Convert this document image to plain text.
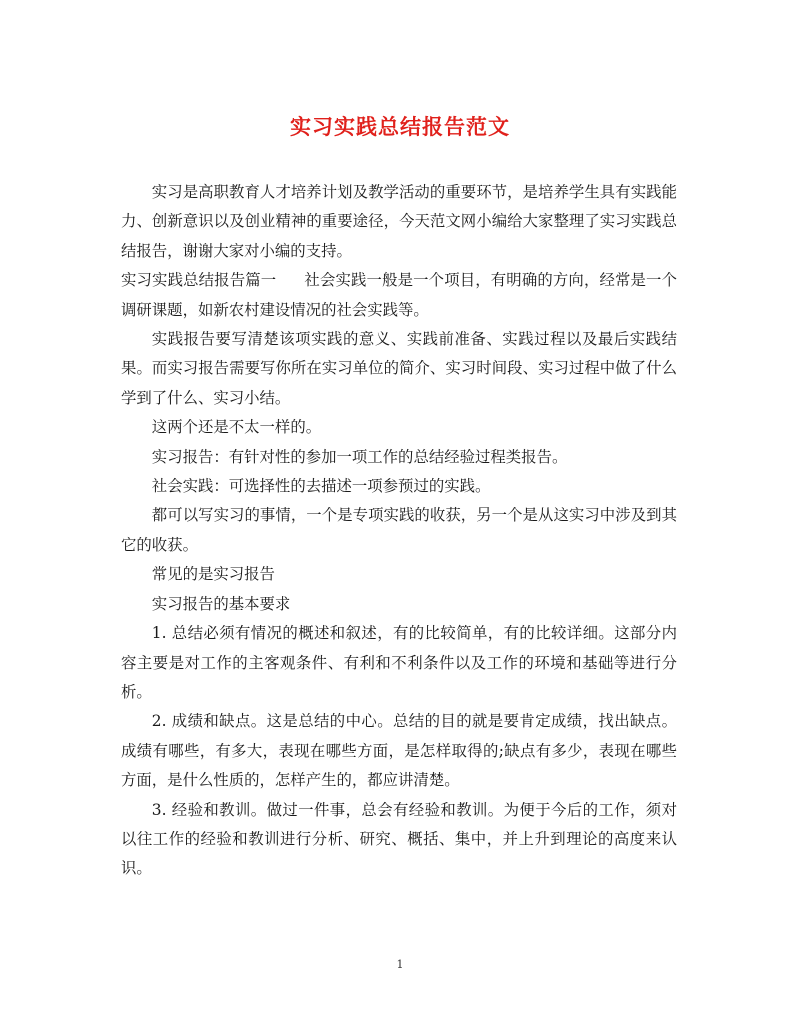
实习实践总结报告范文

实习是高职教育人才培养计划及教学活动的重要环节，是培养学生具有实践能力、创新意识以及创业精神的重要途径，今天范文网小编给大家整理了实习实践总结报告，谢谢大家对小编的支持。

实习实践总结报告篇一 社会实践一般是一个项目，有明确的方向，经常是一个调研课题，如新农村建设情况的社会实践等。

实践报告要写清楚该项实践的意义、实践前准备、实践过程以及最后实践结果。而实习报告需要写你所在实习单位的简介、实习时间段、实习过程中做了什么学到了什么、实习小结。

这两个还是不太一样的。

实习报告：有针对性的参加一项工作的总结经验过程类报告。

社会实践：可选择性的去描述一项参预过的实践。

都可以写实习的事情，一个是专项实践的收获，另一个是从这实习中涉及到其它的收获。

常见的是实习报告

实习报告的基本要求

1. 总结必须有情况的概述和叙述，有的比较简单，有的比较详细。这部分内容主要是对工作的主客观条件、有利和不利条件以及工作的环境和基础等进行分析。

2. 成绩和缺点。这是总结的中心。总结的目的就是要肯定成绩，找出缺点。成绩有哪些，有多大，表现在哪些方面，是怎样取得的;缺点有多少，表现在哪些方面，是什么性质的，怎样产生的，都应讲清楚。

3. 经验和教训。做过一件事，总会有经验和教训。为便于今后的工作，须对以往工作的经验和教训进行分析、研究、概括、集中，并上升到理论的高度来认识。

1
